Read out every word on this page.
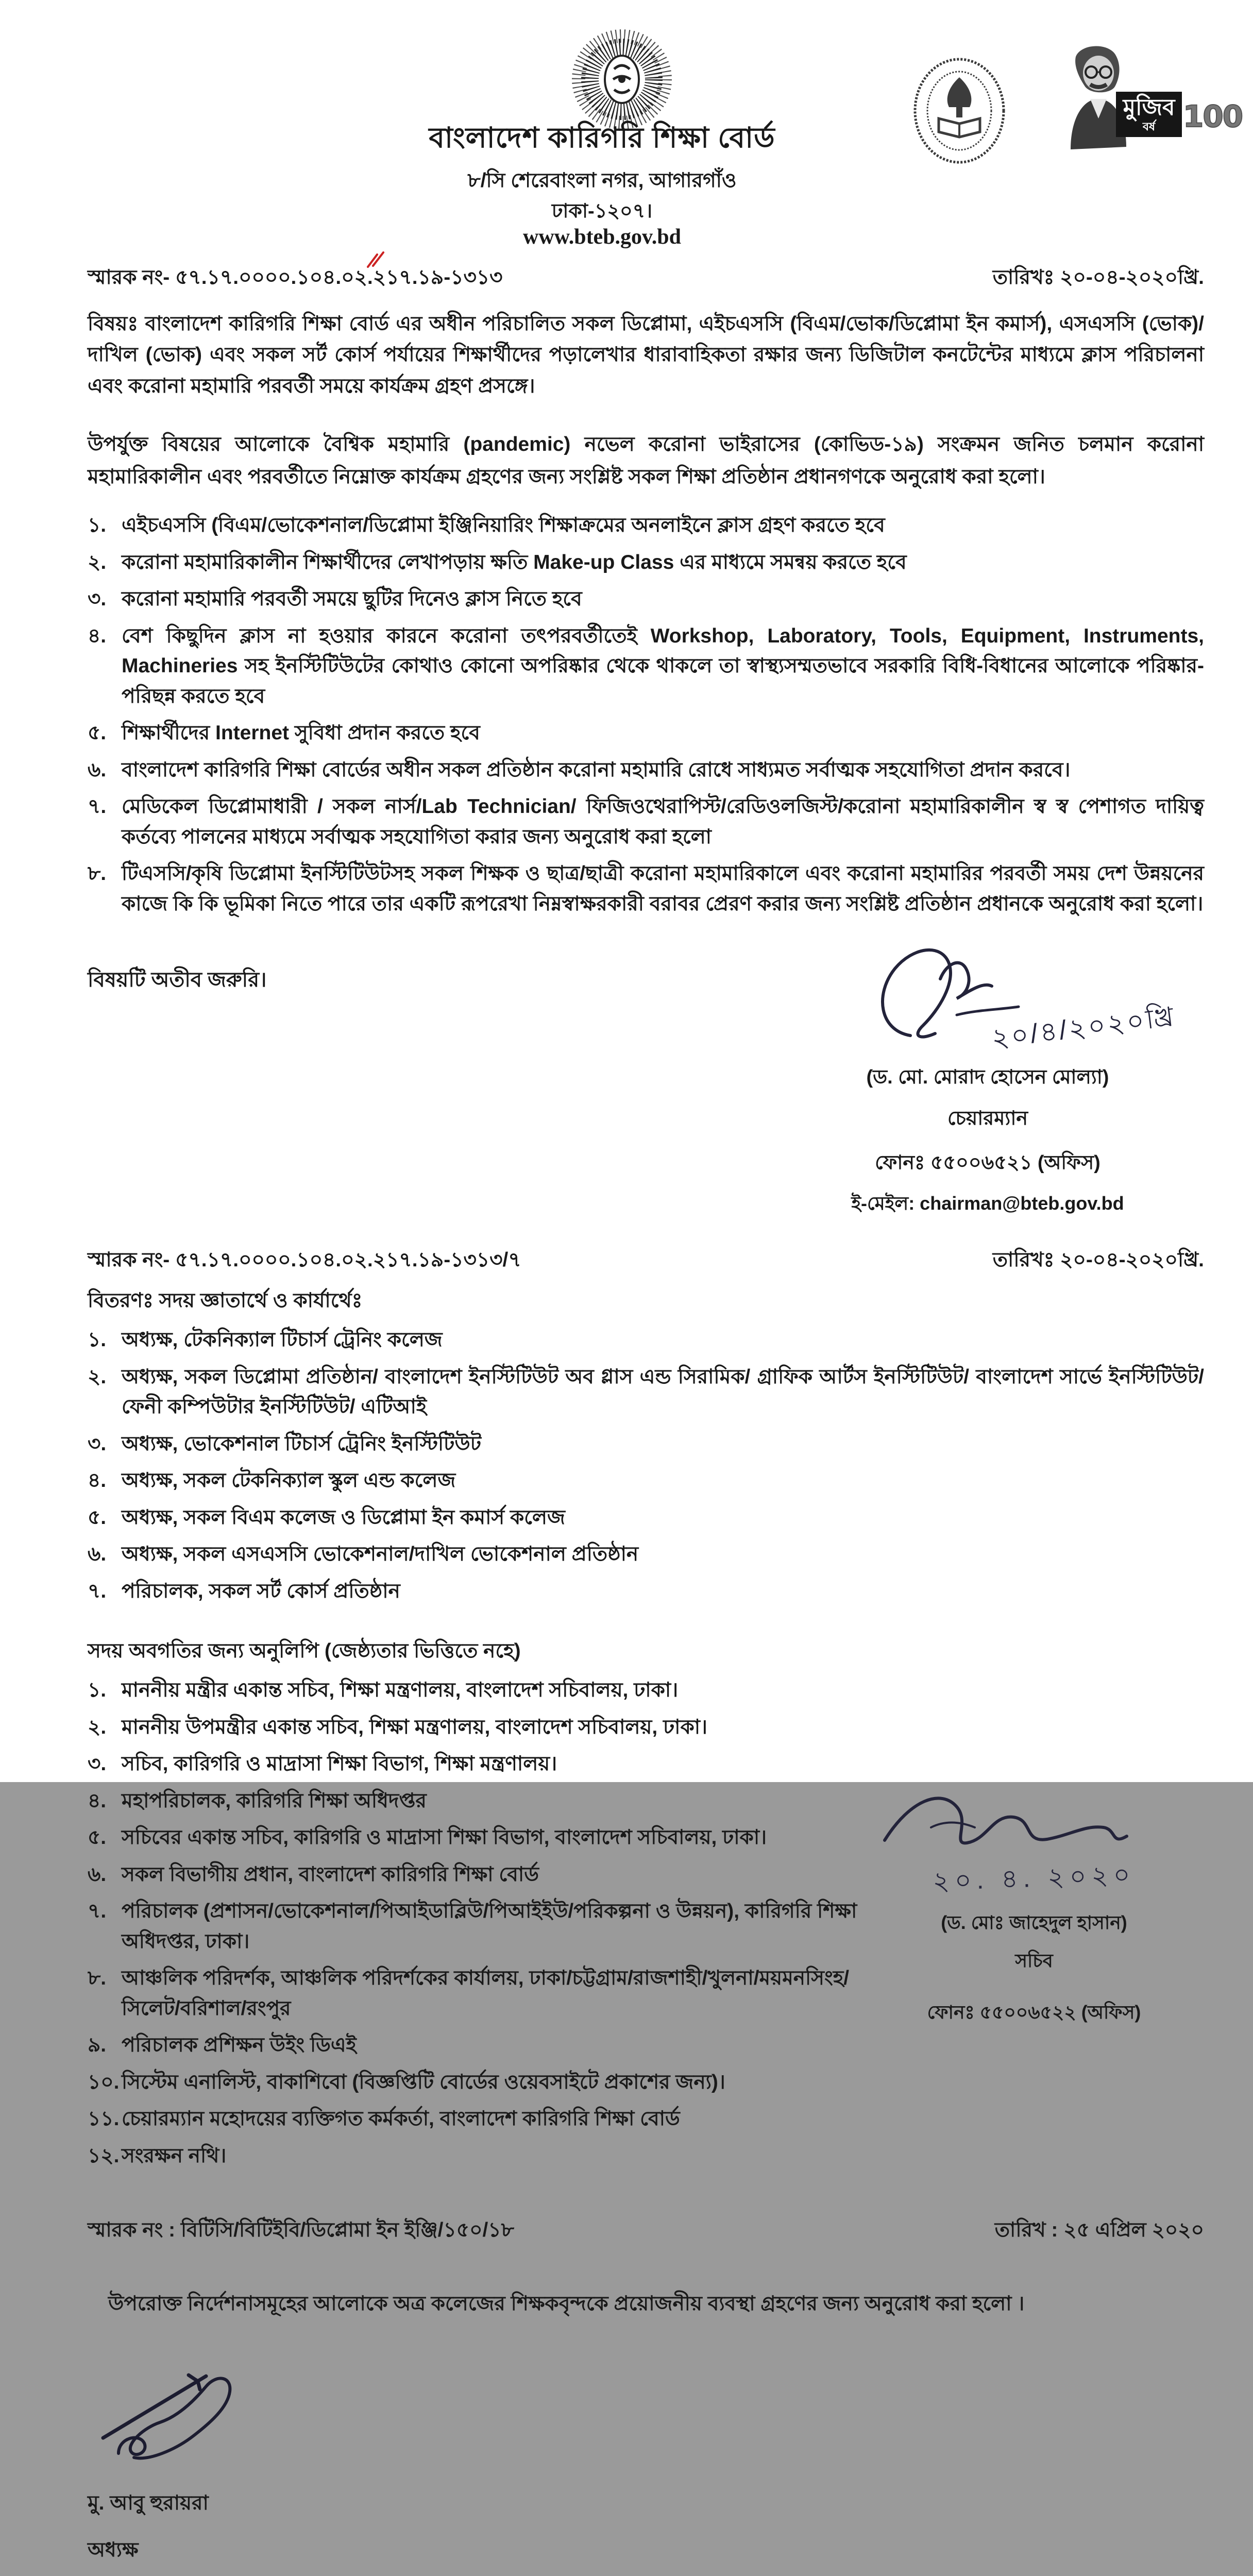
বাংলাদেশ কারিগরি শিক্ষা বোর্ড
৮/সি শেরেবাংলা নগর, আগারগাঁও
ঢাকা-১২০৭।
www.bteb.gov.bd
মুজিব
বর্ষ 100
স্মারক নং- ৫৭.১৭.০০০০.১০৪.০২.২১৭.১৯-১৩১৩	তারিখঃ ২০-০৪-২০২০খ্রি.

বিষয়ঃ বাংলাদেশ কারিগরি শিক্ষা বোর্ড এর অধীন পরিচালিত সকল ডিপ্লোমা, এইচএসসি (বিএম/ভোক/ডিপ্লোমা ইন কমার্স), এসএসসি (ভোক)/দাখিল (ভোক) এবং সকল সর্ট কোর্স পর্যায়ের শিক্ষার্থীদের পড়ালেখার ধারাবাহিকতা রক্ষার জন্য ডিজিটাল কনটেন্টের মাধ্যমে ক্লাস পরিচালনা এবং করোনা মহামারি পরবর্তী সময়ে কার্যক্রম গ্রহণ প্রসঙ্গে।

উপর্যুক্ত বিষয়ের আলোকে বৈশ্বিক মহামারি (pandemic) নভেল করোনা ভাইরাসের (কোভিড-১৯) সংক্রমন জনিত চলমান করোনা মহামারিকালীন এবং পরবর্তীতে নিম্নোক্ত কার্যক্রম গ্রহণের জন্য সংশ্লিষ্ট সকল শিক্ষা প্রতিষ্ঠান প্রধানগণকে অনুরোধ করা হলো।

১. এইচএসসি (বিএম/ভোকেশনাল/ডিপ্লোমা ইঞ্জিনিয়ারিং শিক্ষাক্রমের অনলাইনে ক্লাস গ্রহণ করতে হবে
২. করোনা মহামারিকালীন শিক্ষার্থীদের লেখাপড়ায় ক্ষতি Make-up Class এর মাধ্যমে সমন্বয় করতে হবে
৩. করোনা মহামারি পরবর্তী সময়ে ছুটির দিনেও ক্লাস নিতে হবে
৪. বেশ কিছুদিন ক্লাস না হওয়ার কারনে করোনা তৎপরবর্তীতেই Workshop, Laboratory, Tools, Equipment, Instruments, Machineries সহ ইনস্টিটিউটের কোথাও কোনো অপরিষ্কার থেকে থাকলে তা স্বাস্থ্যসম্মতভাবে সরকারি বিধি-বিধানের আলোকে পরিষ্কার-পরিছন্ন করতে হবে
৫. শিক্ষার্থীদের Internet সুবিধা প্রদান করতে হবে
৬. বাংলাদেশ কারিগরি শিক্ষা বোর্ডের অধীন সকল প্রতিষ্ঠান করোনা মহামারি রোধে সাধ্যমত সর্বাত্মক সহযোগিতা প্রদান করবে।
৭. মেডিকেল ডিপ্লোমাধারী / সকল নার্স/Lab Technician/ ফিজিওথেরাপিস্ট/রেডিওলজিস্ট/করোনা মহামারিকালীন স্ব স্ব পেশাগত দায়িত্ব কর্তব্যে পালনের মাধ্যমে সর্বাত্মক সহযোগিতা করার জন্য অনুরোধ করা হলো
৮. টিএসসি/কৃষি ডিপ্লোমা ইনস্টিটিউটসহ সকল শিক্ষক ও ছাত্র/ছাত্রী করোনা মহামারিকালে এবং করোনা মহামারির পরবর্তী সময় দেশ উন্নয়নের কাজে কি কি ভূমিকা নিতে পারে তার একটি রূপরেখা নিম্নস্বাক্ষরকারী বরাবর প্রেরণ করার জন্য সংশ্লিষ্ট প্রতিষ্ঠান প্রধানকে অনুরোধ করা হলো।
বিষয়টি অতীব জরুরি।
২০/৪/২০২০খ্রি
(ড. মো. মোরাদ হোসেন মোল্যা)
চেয়ারম্যান
ফোনঃ ৫৫০০৬৫২১ (অফিস)
ই-মেইল: chairman@bteb.gov.bd
স্মারক নং- ৫৭.১৭.০০০০.১০৪.০২.২১৭.১৯-১৩১৩/৭	তারিখঃ ২০-০৪-২০২০খ্রি.
বিতরণঃ সদয় জ্ঞাতার্থে ও কার্যার্থেঃ
১. অধ্যক্ষ, টেকনিক্যাল টিচার্স ট্রেনিং কলেজ
২. অধ্যক্ষ, সকল ডিপ্লোমা প্রতিষ্ঠান/ বাংলাদেশ ইনস্টিটিউট অব গ্লাস এন্ড সিরামিক/ গ্রাফিক আর্টস ইনস্টিটিউট/ বাংলাদেশ সার্ভে ইনস্টিটিউট/ ফেনী কম্পিউটার ইনস্টিটিউট/ এটিআই
৩. অধ্যক্ষ, ভোকেশনাল টিচার্স ট্রেনিং ইনস্টিটিউট
৪. অধ্যক্ষ, সকল টেকনিক্যাল স্কুল এন্ড কলেজ
৫. অধ্যক্ষ, সকল বিএম কলেজ ও ডিপ্লোমা ইন কমার্স কলেজ
৬. অধ্যক্ষ, সকল এসএসসি ভোকেশনাল/দাখিল ভোকেশনাল প্রতিষ্ঠান
৭. পরিচালক, সকল সর্ট কোর্স প্রতিষ্ঠান
সদয় অবগতির জন্য অনুলিপি (জেষ্ঠ্যতার ভিত্তিতে নহে)
১. মাননীয় মন্ত্রীর একান্ত সচিব, শিক্ষা মন্ত্রণালয়, বাংলাদেশ সচিবালয়, ঢাকা।
২. মাননীয় উপমন্ত্রীর একান্ত সচিব, শিক্ষা মন্ত্রণালয়, বাংলাদেশ সচিবালয়, ঢাকা।
৩. সচিব, কারিগরি ও মাদ্রাসা শিক্ষা বিভাগ, শিক্ষা মন্ত্রণালয়।
৪. মহাপরিচালক, কারিগরি শিক্ষা অধিদপ্তর
৫. সচিবের একান্ত সচিব, কারিগরি ও মাদ্রাসা শিক্ষা বিভাগ, বাংলাদেশ সচিবালয়, ঢাকা।
৬. সকল বিভাগীয় প্রধান, বাংলাদেশ কারিগরি শিক্ষা বোর্ড
৭. পরিচালক (প্রশাসন/ভোকেশনাল/পিআইডাব্লিউ/পিআইইউ/পরিকল্পনা ও উন্নয়ন), কারিগরি শিক্ষা অধিদপ্তর, ঢাকা।
৮. আঞ্চলিক পরিদর্শক, আঞ্চলিক পরিদর্শকের কার্যালয়, ঢাকা/চট্টগ্রাম/রাজশাহী/খুলনা/ময়মনসিংহ/সিলেট/বরিশাল/রংপুর
৯. পরিচালক প্রশিক্ষন উইং ডিএই
১০. সিস্টেম এনালিস্ট, বাকাশিবো (বিজ্ঞপ্তিটি বোর্ডের ওয়েবসাইটে প্রকাশের জন্য)।
১১. চেয়ারম্যান মহোদয়ের ব্যক্তিগত কর্মকর্তা, বাংলাদেশ কারিগরি শিক্ষা বোর্ড
১২. সংরক্ষন নথি।
২০. ৪. ২০২০
(ড. মোঃ জাহেদুল হাসান)
সচিব
ফোনঃ ৫৫০০৬৫২২ (অফিস)
স্মারক নং : বিটিসি/বিটিইবি/ডিপ্লোমা ইন ইঞ্জি/১৫০/১৮	তারিখ : ২৫ এপ্রিল ২০২০

উপরোক্ত নির্দেশনাসমূহের আলোকে অত্র কলেজের শিক্ষকবৃন্দকে প্রয়োজনীয় ব্যবস্থা গ্রহণের জন্য অনুরোধ করা হলো ।

মু. আবু হুরায়রা
অধ্যক্ষ
